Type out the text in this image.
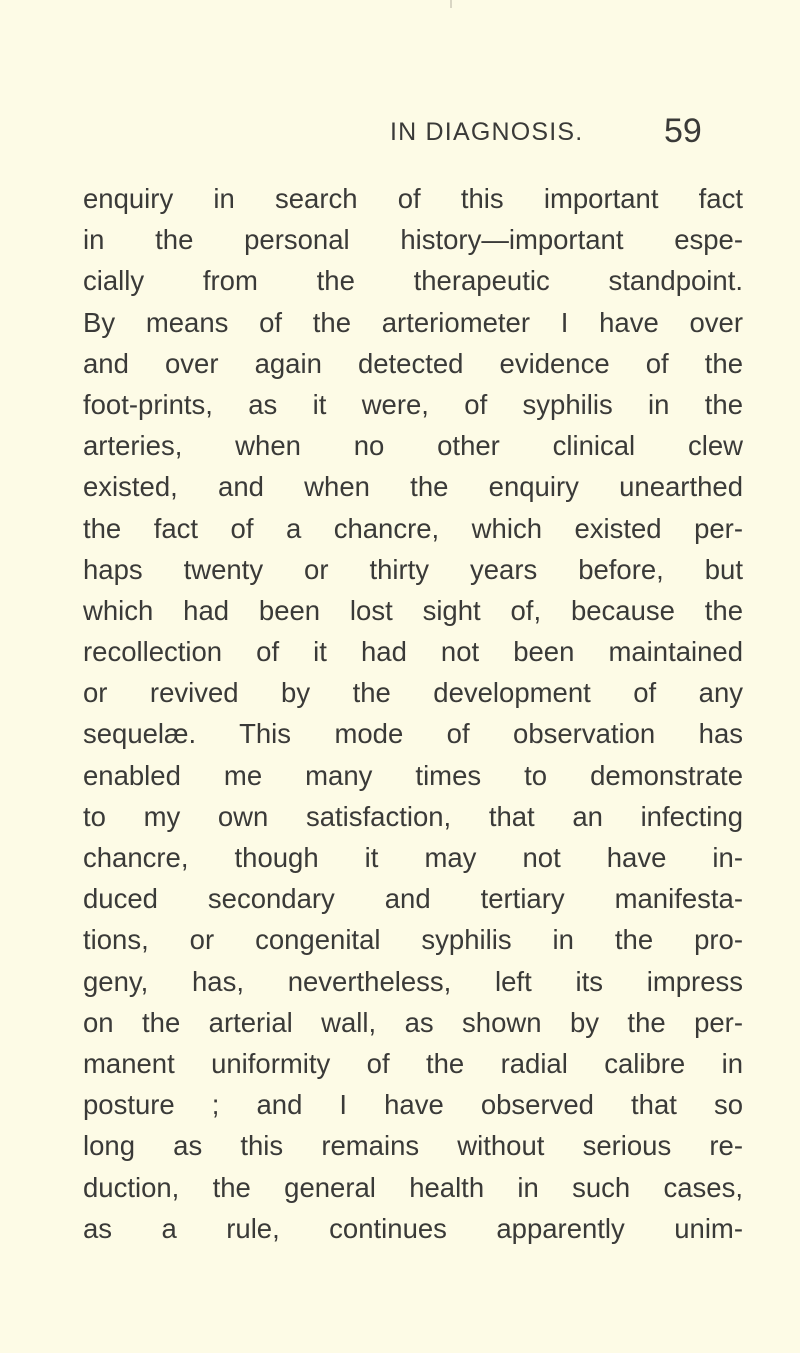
IN DIAGNOSIS. 59
enquiry in search of this important fact
in the personal history—important espe-
cially from the therapeutic standpoint.
By means of the arteriometer I have over
and over again detected evidence of the
foot-prints, as it were, of syphilis in the
arteries, when no other clinical clew
existed, and when the enquiry unearthed
the fact of a chancre, which existed per-
haps twenty or thirty years before, but
which had been lost sight of, because the
recollection of it had not been maintained
or revived by the development of any
sequelæ. This mode of observation has
enabled me many times to demonstrate
to my own satisfaction, that an infecting
chancre, though it may not have in-
duced secondary and tertiary manifesta-
tions, or congenital syphilis in the pro-
geny, has, nevertheless, left its impress
on the arterial wall, as shown by the per-
manent uniformity of the radial calibre in
posture ; and I have observed that so
long as this remains without serious re-
duction, the general health in such cases,
as a rule, continues apparently unim-
